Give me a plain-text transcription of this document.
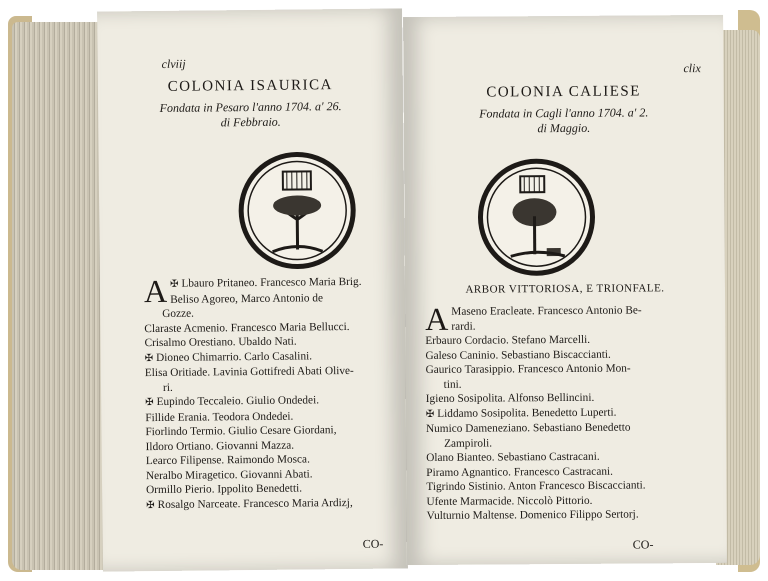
clviij
COLONIA ISAURICA
Fondata in Pesaro l'anno 1704. a' 26.
di Febbraio.
A ✠ Lbauro Pritaneo. Francesco Maria Brig.
Beliso Agoreo, Marco Antonio de
Gozze.
Claraste Acmenio. Francesco Maria Bellucci.
Crisalmo Orestiano. Ubaldo Nati.
✠ Dioneo Chimarrio. Carlo Casalini.
Elisa Oritiade. Lavinia Gottifredi Abati Olive-
ri.
✠ Eupindo Teccaleio. Giulio Ondedei.
Fillide Erania. Teodora Ondedei.
Fiorlindo Termio. Giulio Cesare Giordani,
Ildoro Ortiano. Giovanni Mazza.
Learco Filipense. Raimondo Mosca.
Neralbo Miragetico. Giovanni Abati.
Ormillo Pierio. Ippolito Benedetti.
✠ Rosalgo Narceate. Francesco Maria Ardizj,
CO-
clix
COLONIA CALIESE
Fondata in Cagli l'anno 1704. a' 2.
di Maggio.
ARBOR VITTORIOSA, E TRIONFALE.
A Maseno Eracleate. Francesco Antonio Be-
rardi.
Erbauro Cordacio. Stefano Marcelli.
Galeso Caninio. Sebastiano Biscaccianti.
Gaurico Tarasippio. Francesco Antonio Mon-
tini.
Igieno Sosipolita. Alfonso Bellincini.
✠ Liddamo Sosipolita. Benedetto Luperti.
Numico Dameneziano. Sebastiano Benedetto
Zampiroli.
Olano Bianteo. Sebastiano Castracani.
Piramo Agnantico. Francesco Castracani.
Tigrindo Sistinio. Anton Francesco Biscaccianti.
Ufente Marmacide. Niccolò Pittorio.
Vulturnio Maltense. Domenico Filippo Sertorj.
CO-
